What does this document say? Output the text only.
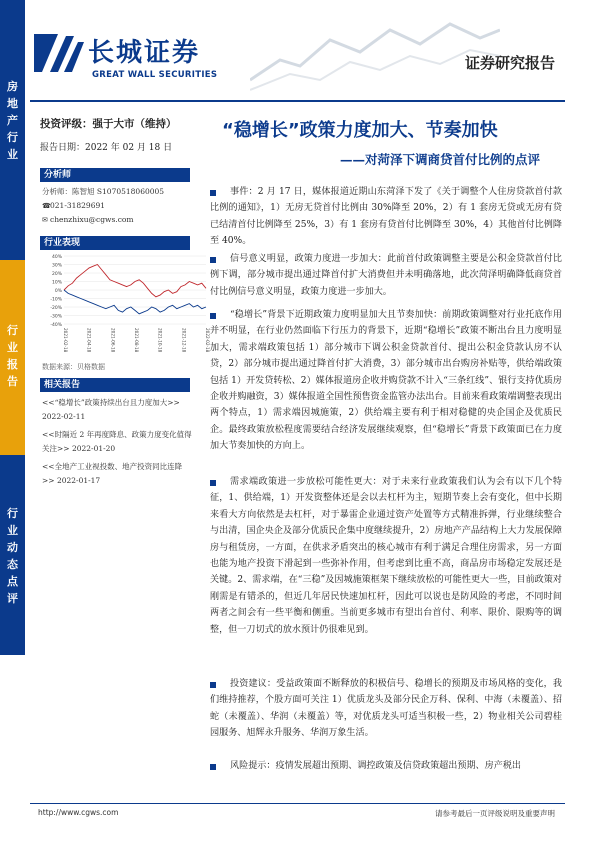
长城证券
GREAT WALL SECURITIES
证券研究报告
房
地
产
行
业
行
业
报
告
行
业
动
态
点
评
投资评级：强于大市（维持）
报告日期：2022 年 02 月 18 日
“稳增长”政策力度加大、节奏加快
——对菏泽下调商贷首付比例的点评
分析师
分析师：陈智旭 S1070518060005
☎021-31829691
✉ chenzhixu@cgws.com
行业表现
40%
30%
20%
10%
0%
-10%
-20%
-30%
-40%
2021-02-18	2021-04-18	2021-06-18	2021-08-18	2021-10-18	2021-12-18	2022-02-18
数据来源：贝格数据
相关报告
<<“稳增长”政策持续出台且力度加大>> 2022-02-11
<<时隔近 2 年再度降息、政策力度变化值得关注>> 2022-01-20
<<全地产工业视投数、地产投资同比连降>> 2022-01-17
事件：2 月 17 日，媒体报道近期山东菏泽下发了《关于调整个人住房贷款首付款比例的通知》，1）无房无贷首付比例由 30%降至 20%，2）有 1 套房无贷或无房有贷已结清首付比例降至 25%，3）有 1 套房有贷首付比例降至 30%，4）其他首付比例降至 40%。
信号意义明显，政策力度进一步加大：此前首付政策调整主要是公积金贷款首付比例下调，部分城市提出通过降首付扩大消费但并未明确落地，此次菏泽明确降低商贷首付比例信号意义明显，政策力度进一步加大。
“稳增长”背景下近期政策力度明显加大且节奏加快：前期政策调整对行业托底作用并不明显，在行业仍然面临下行压力的背景下，近期“稳增长”政策不断出台且力度明显加大，需求端政策包括 1）部分城市下调公积金贷款首付、提出公积金贷款认房不认贷，2）部分城市提出通过降首付扩大消费，3）部分城市出台购房补贴等，供给端政策包括 1）开发贷转松、2）媒体报道房企收并购贷款不计入“三条红线”、银行支持优质房企收并购融资，3）媒体报道全国性预售资金监管办法出台。目前来看政策端调整表现出两个特点，1）需求端因城施策，2）供给端主要有利于相对稳健的央企国企及优质民企。最终政策放松程度需要结合经济发展继续观察，但“稳增长”背景下政策面已在力度加大节奏加快的方向上。
需求端政策进一步放松可能性更大：对于未来行业政策我们认为会有以下几个特征，1、供给端，1）开发资整体还是会以去杠杆为主，短期节奏上会有变化，但中长期来看大方向依然是去杠杆，对于暴雷企业通过资产处置等方式精准拆弹，行业继续整合与出清，国企央企及部分优质民企集中度继续提升，2）房地产产品结构上大力发展保障房与租赁房，一方面，在供求矛盾突出的核心城市有利于满足合理住房需求，另一方面也能为地产投资下滑起到一些弥补作用，但考虑到比重不高，商品房市场稳定发展还是关键。2、需求端，在“三稳”及因城施策框架下继续放松的可能性更大一些，目前政策对刚需是有错杀的，但近几年居民快速加杠杆，因此可以说也是防风险的考虑，不同时间两者之间会有一些平衡和侧重。当前更多城市有望出台首付、利率、限价、限购等的调整，但一刀切式的放水预计仍很难见到。
投资建议：受益政策面不断释放的积极信号、稳增长的预期及市场风格的变化，我们维持推荐，个股方面可关注 1）优质龙头及部分民企万科、保利、中海（未覆盖）、招蛇（未覆盖）、华润（未覆盖）等，对优质龙头可适当积极一些，2）物业相关公司碧桂园服务、旭辉永升服务、华润万象生活。
风险提示：疫情发展超出预期、调控政策及信贷政策超出预期、房产税出
http://www.cgws.com	请参考最后一页评级说明及重要声明
